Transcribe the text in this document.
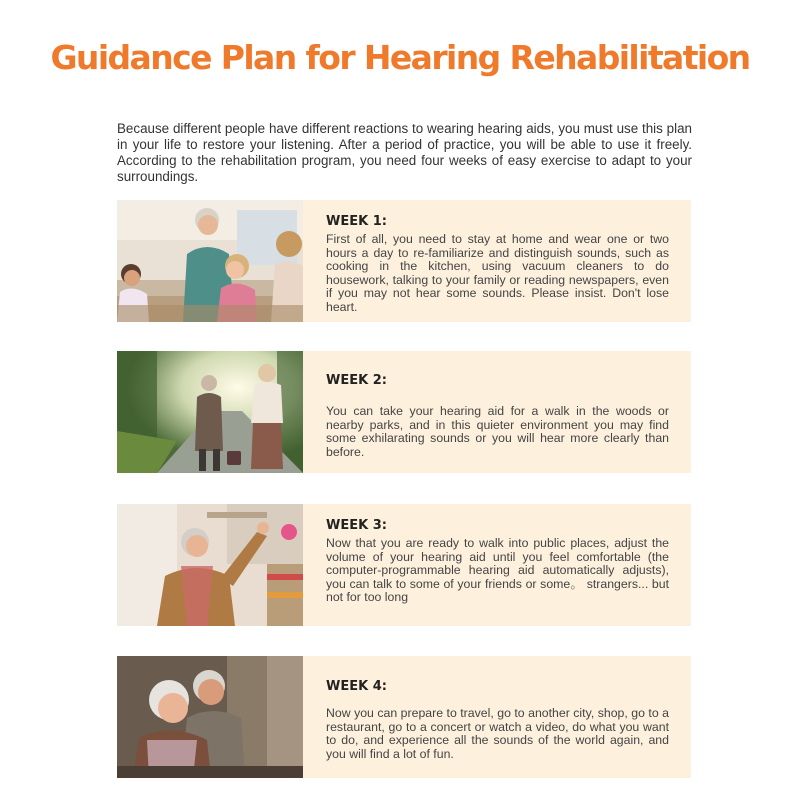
Guidance Plan for Hearing Rehabilitation

Because different people have different reactions to wearing hearing aids, you must use this plan in your life to restore your listening. After a period of practice, you will be able to use it freely. According to the rehabilitation program, you need four weeks of easy exercise to adapt to your surroundings.

WEEK 1:
First of all, you need to stay at home and wear one or two hours a day to re-familiarize and distinguish sounds, such as cooking in the kitchen, using vacuum cleaners to do housework, talking to your family or reading newspapers, even if you may not hear some sounds. Please insist. Don't lose heart.
WEEK 2:
You can take your hearing aid for a walk in the woods or nearby parks, and in this quieter environment you may find some exhilarating sounds or you will hear more clearly than before.
WEEK 3:
Now that you are ready to walk into public places, adjust the volume of your hearing aid until you feel comfortable (the computer-programmable hearing aid automatically adjusts), you can talk to some of your friends or some。 strangers... but not for too long
WEEK 4:
Now you can prepare to travel, go to another city, shop, go to a restaurant, go to a concert or watch a video, do what you want to do, and experience all the sounds of the world again, and you will find a lot of fun.
